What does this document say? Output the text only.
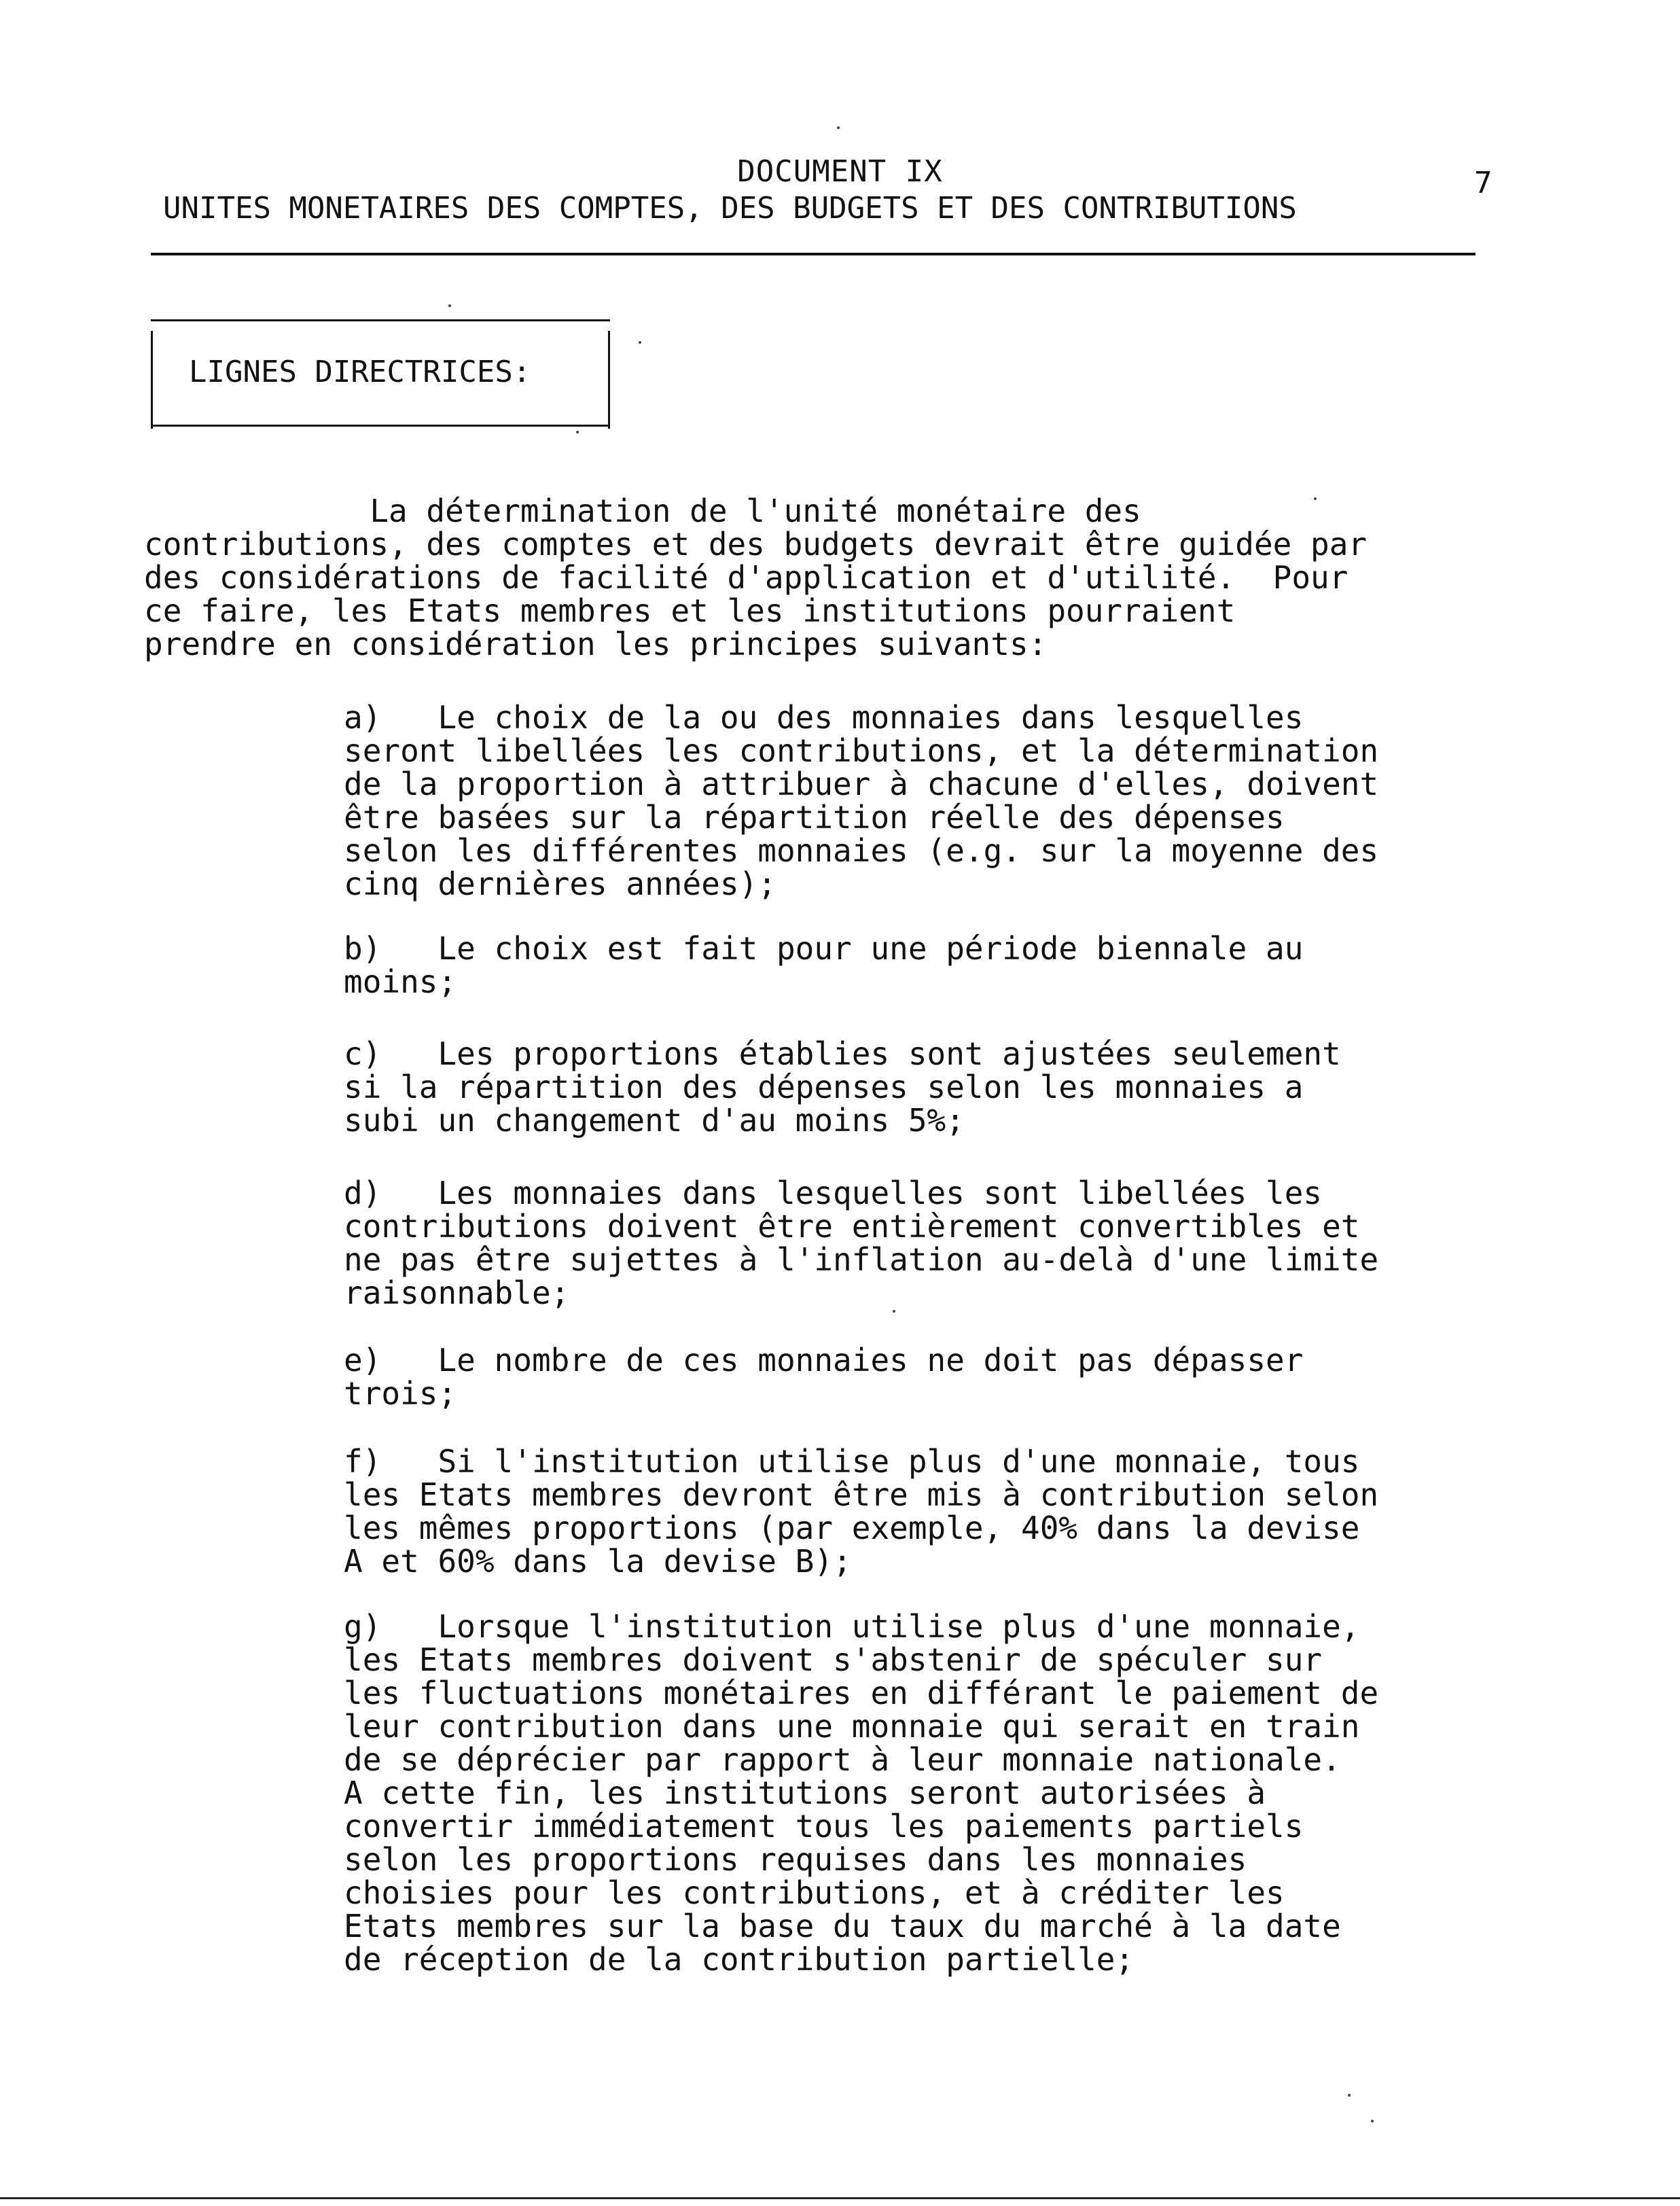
DOCUMENT IX	7
UNITES MONETAIRES DES COMPTES, DES BUDGETS ET DES CONTRIBUTIONS
LIGNES DIRECTRICES:
La détermination de l'unité monétaire des
contributions, des comptes et des budgets devrait être guidée par
des considérations de facilité d'application et d'utilité.  Pour
ce faire, les Etats membres et les institutions pourraient
prendre en considération les principes suivants:
a)   Le choix de la ou des monnaies dans lesquelles
seront libellées les contributions, et la détermination
de la proportion à attribuer à chacune d'elles, doivent
être basées sur la répartition réelle des dépenses
selon les différentes monnaies (e.g. sur la moyenne des
cinq dernières années);
b)   Le choix est fait pour une période biennale au
moins;
c)   Les proportions établies sont ajustées seulement
si la répartition des dépenses selon les monnaies a
subi un changement d'au moins 5%;
d)   Les monnaies dans lesquelles sont libellées les
contributions doivent être entièrement convertibles et
ne pas être sujettes à l'inflation au-delà d'une limite
raisonnable;
e)   Le nombre de ces monnaies ne doit pas dépasser
trois;
f)   Si l'institution utilise plus d'une monnaie, tous
les Etats membres devront être mis à contribution selon
les mêmes proportions (par exemple, 40% dans la devise
A et 60% dans la devise B);
g)   Lorsque l'institution utilise plus d'une monnaie,
les Etats membres doivent s'abstenir de spéculer sur
les fluctuations monétaires en différant le paiement de
leur contribution dans une monnaie qui serait en train
de se déprécier par rapport à leur monnaie nationale.
A cette fin, les institutions seront autorisées à
convertir immédiatement tous les paiements partiels
selon les proportions requises dans les monnaies
choisies pour les contributions, et à créditer les
Etats membres sur la base du taux du marché à la date
de réception de la contribution partielle;
